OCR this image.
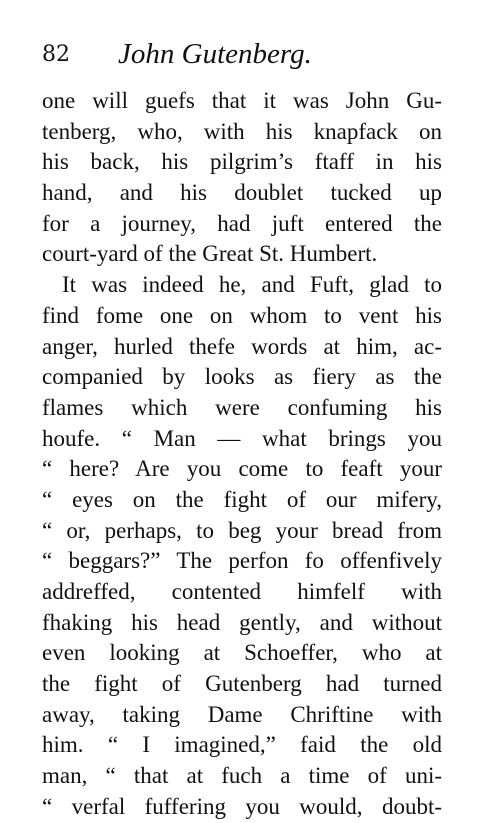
82 John Gutenberg.
one will guefs that it was John Gu-
tenberg, who, with his knapfack on
his back, his pilgrim’s ftaff in his
hand, and his doublet tucked up
for a journey, had juft entered the
court-yard of the Great St. Humbert.
It was indeed he, and Fuft, glad to
find fome one on whom to vent his
anger, hurled thefe words at him, ac-
companied by looks as fiery as the
flames which were confuming his
houfe. “ Man — what brings you
“ here? Are you come to feaft your
“ eyes on the fight of our mifery,
“ or, perhaps, to beg your bread from
“ beggars?” The perfon fo offenfively
addreffed, contented himfelf with
fhaking his head gently, and without
even looking at Schoeffer, who at
the fight of Gutenberg had turned
away, taking Dame Chriftine with
him. “ I imagined,” faid the old
man, “ that at fuch a time of uni-
“ verfal fuffering you would, doubt-
